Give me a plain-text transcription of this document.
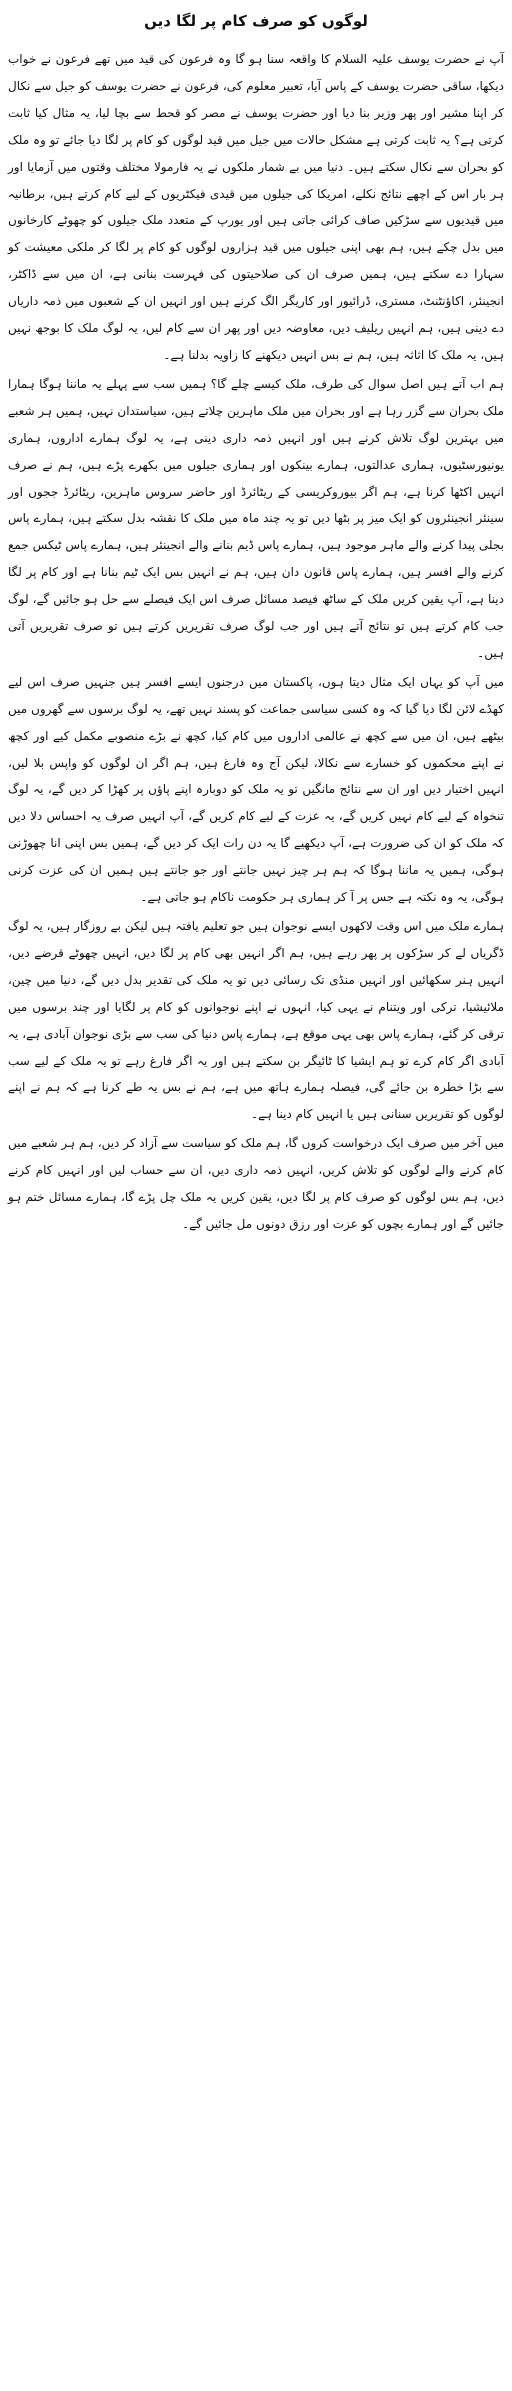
لوگوں کو صرف کام پر لگا دیں

آپ نے حضرت یوسف علیہ السلام کا واقعہ سنا ہو گا وہ فرعون کی قید میں تھے فرعون نے خواب دیکھا، ساقی حضرت یوسف کے پاس آیا، تعبیر معلوم کی، فرعون نے حضرت یوسف کو جیل سے نکال کر اپنا مشیر اور پھر وزیر بنا دیا اور حضرت یوسف نے مصر کو قحط سے بچا لیا، یہ مثال کیا ثابت کرتی ہے؟ یہ ثابت کرتی ہے مشکل حالات میں جیل میں قید لوگوں کو کام پر لگا دیا جائے تو وہ ملک کو بحران سے نکال سکتے ہیں۔ دنیا میں بے شمار ملکوں نے یہ فارمولا مختلف وقتوں میں آزمایا اور ہر بار اس کے اچھے نتائج نکلے، امریکا کی جیلوں میں قیدی فیکٹریوں کے لیے کام کرتے ہیں، برطانیہ میں قیدیوں سے سڑکیں صاف کرائی جاتی ہیں اور یورپ کے متعدد ملک جیلوں کو چھوٹے کارخانوں میں بدل چکے ہیں، ہم بھی اپنی جیلوں میں قید ہزاروں لوگوں کو کام پر لگا کر ملکی معیشت کو سہارا دے سکتے ہیں، ہمیں صرف ان کی صلاحیتوں کی فہرست بنانی ہے، ان میں سے ڈاکٹر، انجینئر، اکاؤنٹنٹ، مستری، ڈرائیور اور کاریگر الگ کرنے ہیں اور انہیں ان کے شعبوں میں ذمہ داریاں دے دینی ہیں، ہم انہیں ریلیف دیں، معاوضہ دیں اور پھر ان سے کام لیں، یہ لوگ ملک کا بوجھ نہیں ہیں، یہ ملک کا اثاثہ ہیں، ہم نے بس انہیں دیکھنے کا زاویہ بدلنا ہے۔

ہم اب آتے ہیں اصل سوال کی طرف، ملک کیسے چلے گا؟ ہمیں سب سے پہلے یہ ماننا ہوگا ہمارا ملک بحران سے گزر رہا ہے اور بحران میں ملک ماہرین چلاتے ہیں، سیاستدان نہیں، ہمیں ہر شعبے میں بہترین لوگ تلاش کرنے ہیں اور انہیں ذمہ داری دینی ہے، یہ لوگ ہمارے اداروں، ہماری یونیورسٹیوں، ہماری عدالتوں، ہمارے بینکوں اور ہماری جیلوں میں بکھرے پڑے ہیں، ہم نے صرف انہیں اکٹھا کرنا ہے، ہم اگر بیوروکریسی کے ریٹائرڈ اور حاضر سروس ماہرین، ریٹائرڈ ججوں اور سینئر انجینئروں کو ایک میز پر بٹھا دیں تو یہ چند ماہ میں ملک کا نقشہ بدل سکتے ہیں، ہمارے پاس بجلی پیدا کرنے والے ماہر موجود ہیں، ہمارے پاس ڈیم بنانے والے انجینئر ہیں، ہمارے پاس ٹیکس جمع کرنے والے افسر ہیں، ہمارے پاس قانون دان ہیں، ہم نے انہیں بس ایک ٹیم بنانا ہے اور کام پر لگا دینا ہے، آپ یقین کریں ملک کے ساٹھ فیصد مسائل صرف اس ایک فیصلے سے حل ہو جائیں گے، لوگ جب کام کرتے ہیں تو نتائج آتے ہیں اور جب لوگ صرف تقریریں کرتے ہیں تو صرف تقریریں آتی ہیں۔

میں آپ کو یہاں ایک مثال دیتا ہوں، پاکستان میں درجنوں ایسے افسر ہیں جنہیں صرف اس لیے کھڈے لائن لگا دیا گیا کہ وہ کسی سیاسی جماعت کو پسند نہیں تھے، یہ لوگ برسوں سے گھروں میں بیٹھے ہیں، ان میں سے کچھ نے عالمی اداروں میں کام کیا، کچھ نے بڑے منصوبے مکمل کیے اور کچھ نے اپنے محکموں کو خسارے سے نکالا، لیکن آج وہ فارغ ہیں، ہم اگر ان لوگوں کو واپس بلا لیں، انہیں اختیار دیں اور ان سے نتائج مانگیں تو یہ ملک کو دوبارہ اپنے پاؤں پر کھڑا کر دیں گے، یہ لوگ تنخواہ کے لیے کام نہیں کریں گے، یہ عزت کے لیے کام کریں گے، آپ انہیں صرف یہ احساس دلا دیں کہ ملک کو ان کی ضرورت ہے، آپ دیکھیے گا یہ دن رات ایک کر دیں گے، ہمیں بس اپنی انا چھوڑنی ہوگی، ہمیں یہ ماننا ہوگا کہ ہم ہر چیز نہیں جانتے اور جو جانتے ہیں ہمیں ان کی عزت کرنی ہوگی، یہ وہ نکتہ ہے جس پر آ کر ہماری ہر حکومت ناکام ہو جاتی ہے۔

ہمارے ملک میں اس وقت لاکھوں ایسے نوجوان ہیں جو تعلیم یافتہ ہیں لیکن بے روزگار ہیں، یہ لوگ ڈگریاں لے کر سڑکوں پر پھر رہے ہیں، ہم اگر انہیں بھی کام پر لگا دیں، انہیں چھوٹے قرضے دیں، انہیں ہنر سکھائیں اور انہیں منڈی تک رسائی دیں تو یہ ملک کی تقدیر بدل دیں گے، دنیا میں چین، ملائیشیا، ترکی اور ویتنام نے یہی کیا، انہوں نے اپنے نوجوانوں کو کام پر لگایا اور چند برسوں میں ترقی کر گئے، ہمارے پاس بھی یہی موقع ہے، ہمارے پاس دنیا کی سب سے بڑی نوجوان آبادی ہے، یہ آبادی اگر کام کرے تو ہم ایشیا کا ٹائیگر بن سکتے ہیں اور یہ اگر فارغ رہے تو یہ ملک کے لیے سب سے بڑا خطرہ بن جائے گی، فیصلہ ہمارے ہاتھ میں ہے، ہم نے بس یہ طے کرنا ہے کہ ہم نے اپنے لوگوں کو تقریریں سنانی ہیں یا انہیں کام دینا ہے۔

میں آخر میں صرف ایک درخواست کروں گا، ہم ملک کو سیاست سے آزاد کر دیں، ہم ہر شعبے میں کام کرنے والے لوگوں کو تلاش کریں، انہیں ذمہ داری دیں، ان سے حساب لیں اور انہیں کام کرنے دیں، ہم بس لوگوں کو صرف کام پر لگا دیں، یقین کریں یہ ملک چل پڑے گا، ہمارے مسائل ختم ہو جائیں گے اور ہمارے بچوں کو عزت اور رزق دونوں مل جائیں گے۔
